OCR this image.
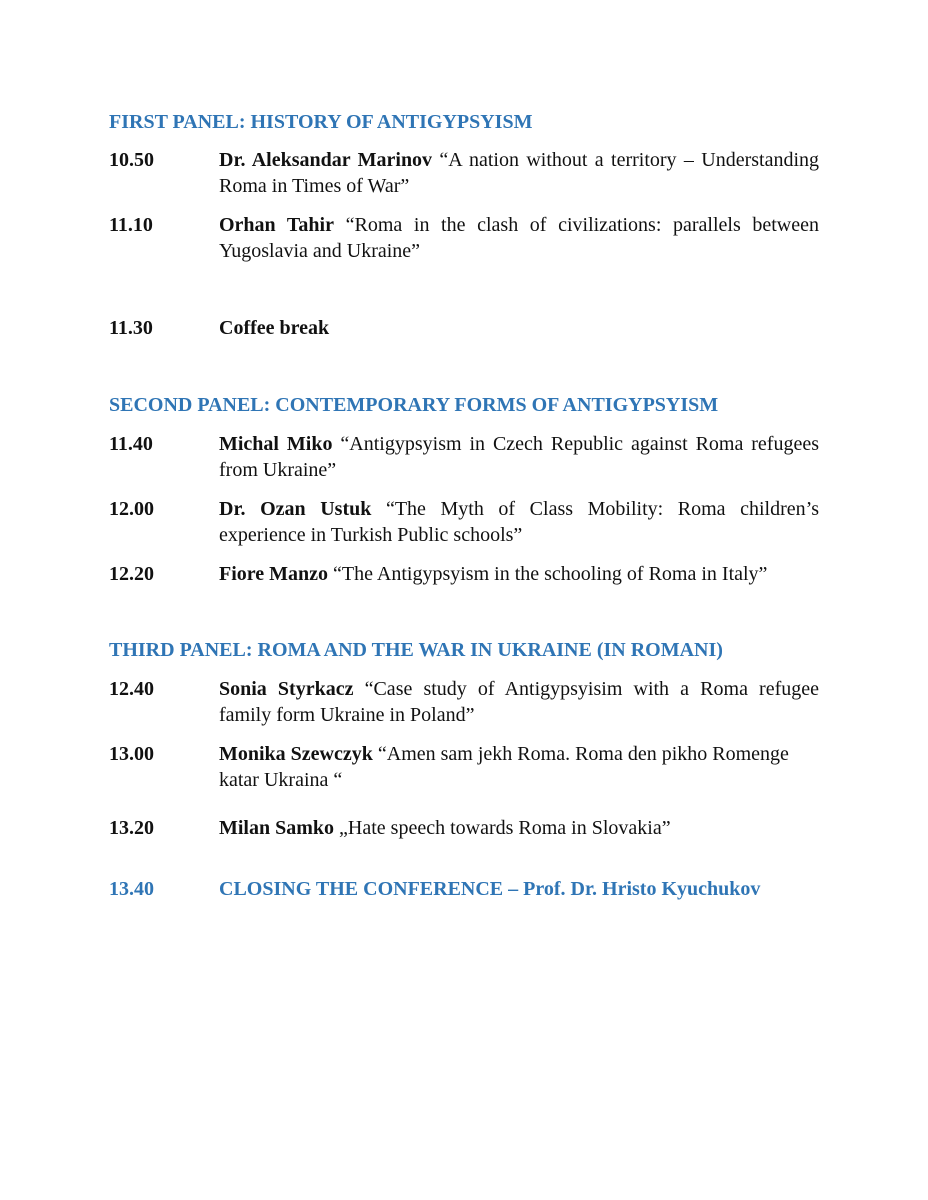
FIRST PANEL: HISTORY OF ANTIGYPSYISM
10.50	Dr. Aleksandar Marinov “A nation without a territory – Understanding Roma in Times of War”
11.10	Orhan Tahir “Roma in the clash of civilizations: parallels between Yugoslavia and Ukraine”
11.30	Coffee break
SECOND PANEL: CONTEMPORARY FORMS OF ANTIGYPSYISM
11.40	Michal Miko “Antigypsyism in Czech Republic against Roma refugees from Ukraine”
12.00	Dr. Ozan Ustuk “The Myth of Class Mobility: Roma children’s experience in Turkish Public schools”
12.20	Fiore Manzo “The Antigypsyism in the schooling of Roma in Italy”
THIRD PANEL: ROMA AND THE WAR IN UKRAINE (IN ROMANI)
12.40	Sonia Styrkacz “Case study of Antigypsyisim with a Roma refugee family form Ukraine in Poland”
13.00	Monika Szewczyk “Amen sam jekh Roma. Roma den pikho Romenge katar Ukraina “
13.20	Milan Samko „Hate speech towards Roma in Slovakia”
13.40	CLOSING THE CONFERENCE – Prof. Dr. Hristo Kyuchukov
